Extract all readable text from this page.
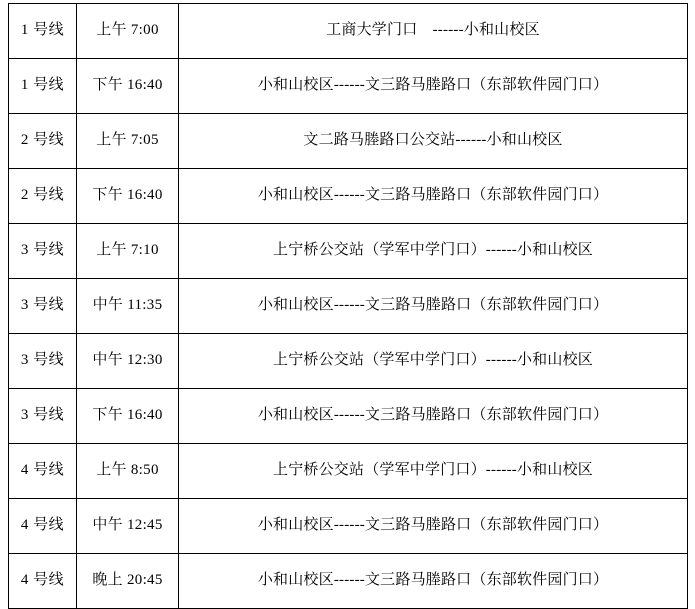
1 号线	上午 7:00	工商大学门口　------小和山校区
1 号线	下午 16:40	小和山校区------文三路马塍路口（东部软件园门口）
2 号线	上午 7:05	文二路马塍路口公交站------小和山校区
2 号线	下午 16:40	小和山校区------文三路马塍路口（东部软件园门口）
3 号线	上午 7:10	上宁桥公交站（学军中学门口）------小和山校区
3 号线	中午 11:35	小和山校区------文三路马塍路口（东部软件园门口）
3 号线	中午 12:30	上宁桥公交站（学军中学门口）------小和山校区
3 号线	下午 16:40	小和山校区------文三路马塍路口（东部软件园门口）
4 号线	上午 8:50	上宁桥公交站（学军中学门口）------小和山校区
4 号线	中午 12:45	小和山校区------文三路马塍路口（东部软件园门口）
4 号线	晚上 20:45	小和山校区------文三路马塍路口（东部软件园门口）
